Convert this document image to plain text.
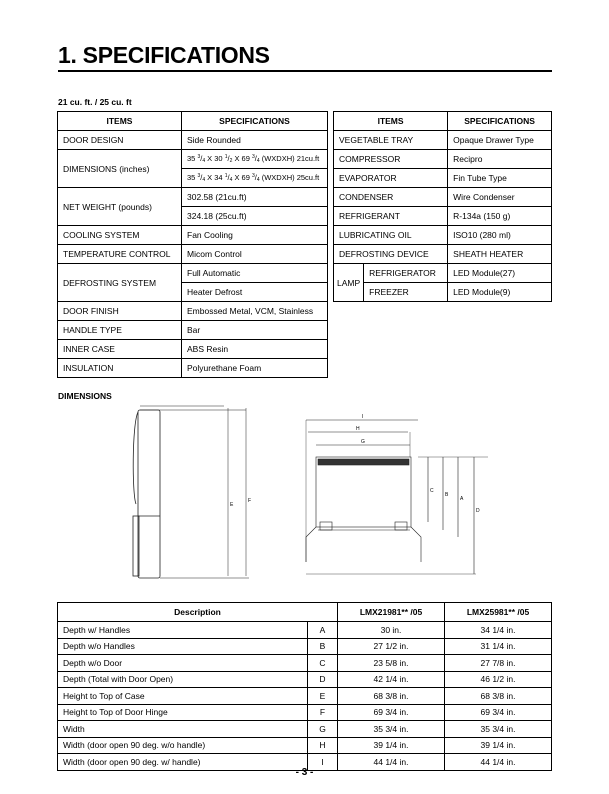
1. SPECIFICATIONS
21 cu. ft. / 25 cu. ft
ITEMS	SPECIFICATIONS
DOOR DESIGN	Side Rounded
DIMENSIONS (inches)	35 $^3/_4$ X 30 $^1/_2$ X 69 $^3/_4$ (WXDXH) 21cu.ft
	35 $^3/_4$ X 34 $^1/_4$ X 69 $^3/_4$ (WXDXH) 25cu.ft
NET WEIGHT (pounds)	302.58 (21cu.ft)
	324.18 (25cu.ft)
COOLING SYSTEM	Fan Cooling
TEMPERATURE CONTROL	Micom Control
DEFROSTING SYSTEM	Full Automatic
	Heater Defrost
DOOR FINISH	Embossed Metal, VCM, Stainless
HANDLE TYPE	Bar
INNER CASE	ABS Resin
INSULATION	Polyurethane Foam
ITEMS		SPECIFICATIONS
VEGETABLE TRAY		Opaque Drawer Type
COMPRESSOR		Recipro
EVAPORATOR		Fin Tube Type
CONDENSER		Wire Condenser
REFRIGERANT		R-134a (150 g)
LUBRICATING OIL		ISO10 (280 ml)
DEFROSTING DEVICE		SHEATH HEATER
LAMP	REFRIGERATOR	LED Module(27)
	FREEZER	LED Module(9)
DIMENSIONS
E
F
I
H
G
C
B
A
D
Description		LMX21981** /05	LMX25981** /05
Depth w/ Handles	A	30 in.	34 1/4 in.
Depth w/o Handles	B	27 1/2 in.	31 1/4 in.
Depth w/o Door	C	23 5/8 in.	27 7/8 in.
Depth (Total with Door Open)	D	42 1/4 in.	46 1/2 in.
Height to Top of Case	E	68 3/8 in.	68 3/8 in.
Height to Top of Door Hinge	F	69 3/4 in.	69 3/4 in.
Width	G	35 3/4 in.	35 3/4 in.
Width (door open 90 deg. w/o handle)	H	39 1/4 in.	39 1/4 in.
Width (door open 90 deg. w/ handle)	I	44 1/4 in.	44 1/4 in.
- 3 -
